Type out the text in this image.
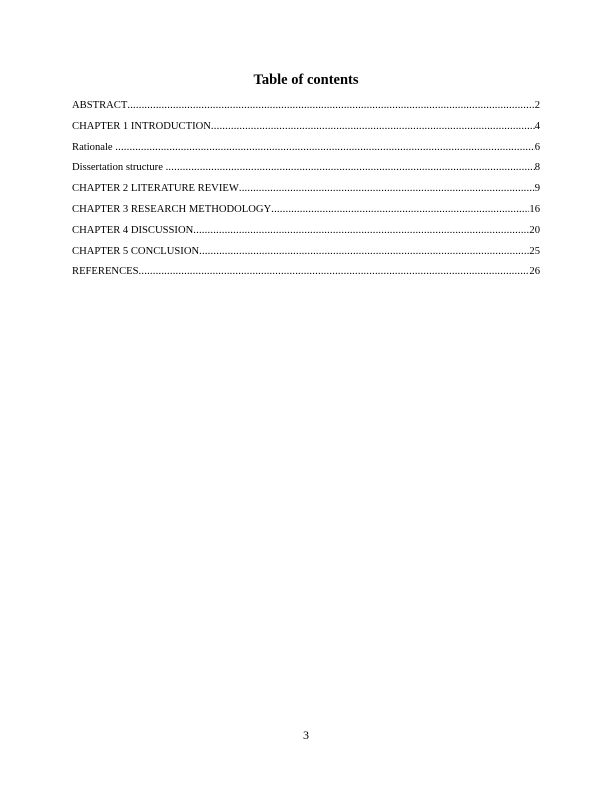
Table of contents
ABSTRACT .....	2
CHAPTER 1 INTRODUCTION .....	4
Rationale .....	6
Dissertation structure .....	8
CHAPTER 2 LITERATURE REVIEW .....	9
CHAPTER 3 RESEARCH METHODOLOGY .....	16
CHAPTER 4 DISCUSSION .....	20
CHAPTER 5 CONCLUSION .....	25
REFERENCES .....	26
3
